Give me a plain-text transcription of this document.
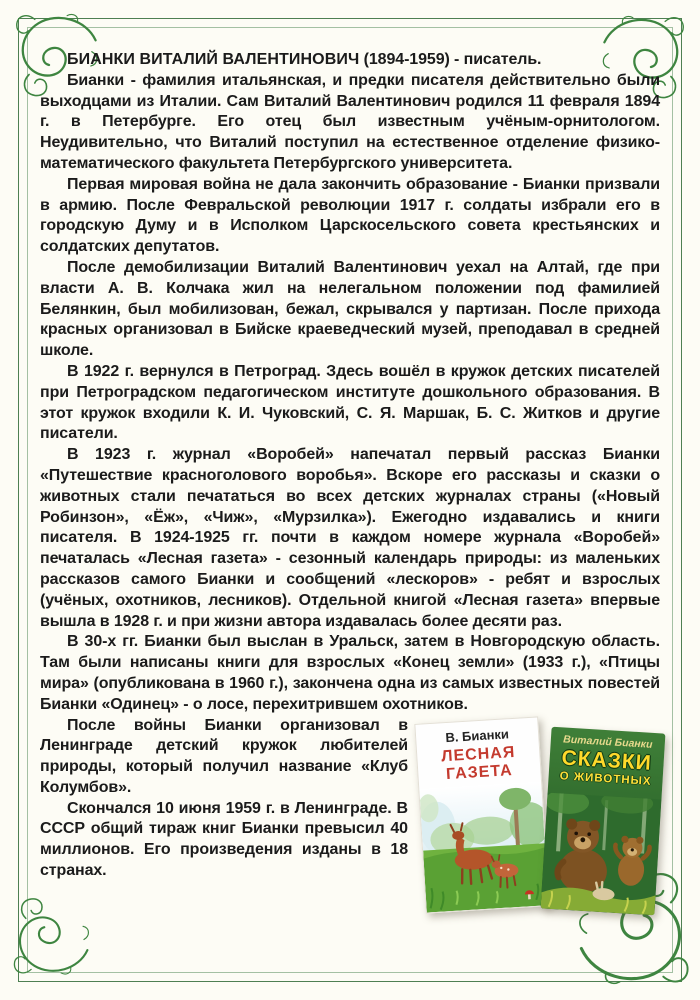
БИАНКИ ВИТАЛИЙ ВАЛЕНТИНОВИЧ (1894-1959) - писатель.

Бианки - фамилия итальянская, и предки писателя действительно были выходцами из Италии. Сам Виталий Валентинович родился 11 февраля 1894 г. в Петербурге. Его отец был известным учёным-орнитологом. Неудивительно, что Виталий поступил на естественное отделение физико-математического факультета Петербургского университета.

Первая мировая война не дала закончить образование - Бианки призвали в армию. После Февральской революции 1917 г. солдаты избрали его в городскую Думу и в Исполком Царскосельского совета крестьянских и солдатских депутатов.

После демобилизации Виталий Валентинович уехал на Алтай, где при власти А. В. Колчака жил на нелегальном положении под фамилией Белянкин, был мобилизован, бежал, скрывался у партизан. После прихода красных организовал в Бийске краеведческий музей, преподавал в средней школе.

В 1922 г. вернулся в Петроград. Здесь вошёл в кружок детских писателей при Петроградском педагогическом институте дошкольного образования. В этот кружок входили К. И. Чуковский, С. Я. Маршак, Б. С. Житков и другие писатели.

В 1923 г. журнал «Воробей» напечатал первый рассказ Бианки «Путешествие красноголового воробья». Вскоре его рассказы и сказки о животных стали печататься во всех детских журналах страны («Новый Робинзон», «Ёж», «Чиж», «Мурзилка»). Ежегодно издавались и книги писателя. В 1924-1925 гг. почти в каждом номере журнала «Воробей» печаталась «Лесная газета» - сезонный календарь природы: из маленьких рассказов самого Бианки и сообщений «лескоров» - ребят и взрослых (учёных, охотников, лесников). Отдельной книгой «Лесная газета» впервые вышла в 1928 г. и при жизни автора издавалась более десяти раз.

В 30-х гг. Бианки был выслан в Уральск, затем в Новгородскую область. Там были написаны книги для взрослых «Конец земли» (1933 г.), «Птицы мира» (опубликована в 1960 г.), закончена одна из самых известных повестей Бианки «Одинец» - о лосе, перехитрившем охотников.

В. Бианки
ЛЕСНАЯ
ГАЗЕТА
Виталий Бианки
СКАЗКИ
О ЖИВОТНЫХ

После войны Бианки организовал в Ленинграде детский кружок любителей природы, который получил название «Клуб Колумбов».

Скончался 10 июня 1959 г. в Ленинграде. В СССР общий тираж книг Бианки превысил 40 миллионов. Его произведения изданы в 18 странах.
